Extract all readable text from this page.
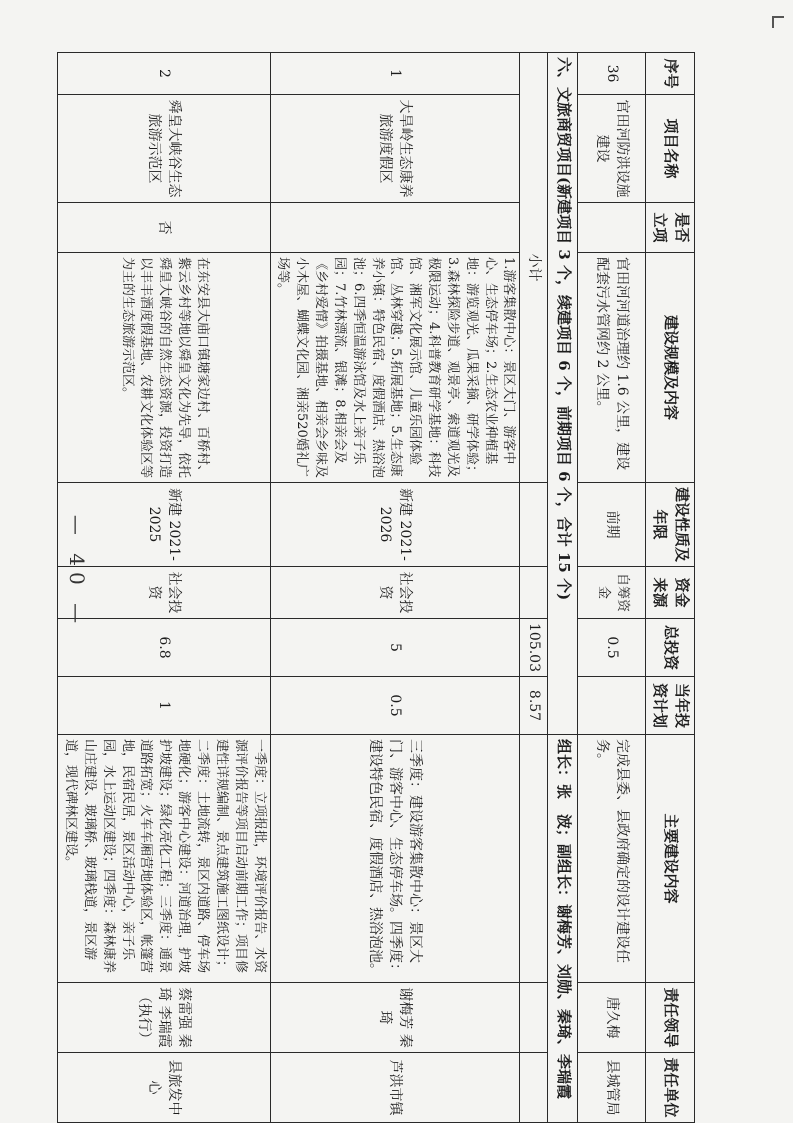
序号	项目名称	是否立项	建设规模及内容	建设性质及年限	资金来源	总投资	当年投资计划	主要建设内容	责任领导	责任单位
36	官田河防洪设施建设		官田河河道治理约 1.6 公里，建设配套污水管网约 2 公里。	前期	自筹资金	0.5		完成县委、县政府确定的设计建设任务。	唐久梅	县城管局
六、文旅商贸项目(新建项目 3 个，续建项目 6 个，前期项目 6 个，合计 15 个)								组长：张　波；副组长：谢梅芳、刘勋、秦琦、李瑞霞		
小计						105.03	8.57			
1	大旱岭生态康养旅游度假区		1.游客集散中心：景区大门、游客中心、生态停车场；2.生态农业种植基地：游览观光、瓜果采摘、研学体验；3.森林探险步道、观景亭、索道观光及极限运动；4.科普教育研学基地：科技馆、湘军文化展示馆、儿童乐园体验馆、丛林穿越；5.拓展基地；5.生态康养小镇：特色民宿、度假酒店、热浴泡池；6.四季恒温游泳馆及水上亲子乐园；7.竹林漂流、银滩；8.相亲会及《乡村爱情》拍摄基地、相亲会乡味及小木屋、蝴蝶文化园、湘亲520婚礼广场等。	新建 2021-2026	社会投资	5	0.5	三季度：建设游客集散中心：景区大门、游客中心、生态停车场。四季度：建设特色民宿、度假酒店、热浴泡池。	谢梅芳 秦　琦	芦洪市镇
2	舜皇大峡谷生态旅游示范区	否	在东安县大庙口镇塘家边村、百桥村、紫云乡村等地以舜皇文化为先导，依托舜皇大峡谷的自然生态资源，投资打造以丰丰酒度假基地、农耕文化体验区等为主的生态旅游示范区。	新建 2021-2025	社会投资	6.8	1	一季度：立项报批，环境评价报告、水资源评价报告等项目启动前期工作；项目修建性详规编制、景点建筑施工图纸设计；二季度：土地流转，景区内道路、停车场地硬化；游客中心建设：河道治理，护坡护坡建设；绿化亮化工程；三季度：通景道路拓宽；火车车厢营地体验区，帐篷营地，民宿民居，景区活动中心，亲子乐园，水上运动区建设；四季度：森林康养山庄建设、玻璃桥、玻璃栈道，景区游道，现代碑林区建设。	蔡雷强 秦　琦 李瑞霞（执行）	县旅发中心
— 40 —
